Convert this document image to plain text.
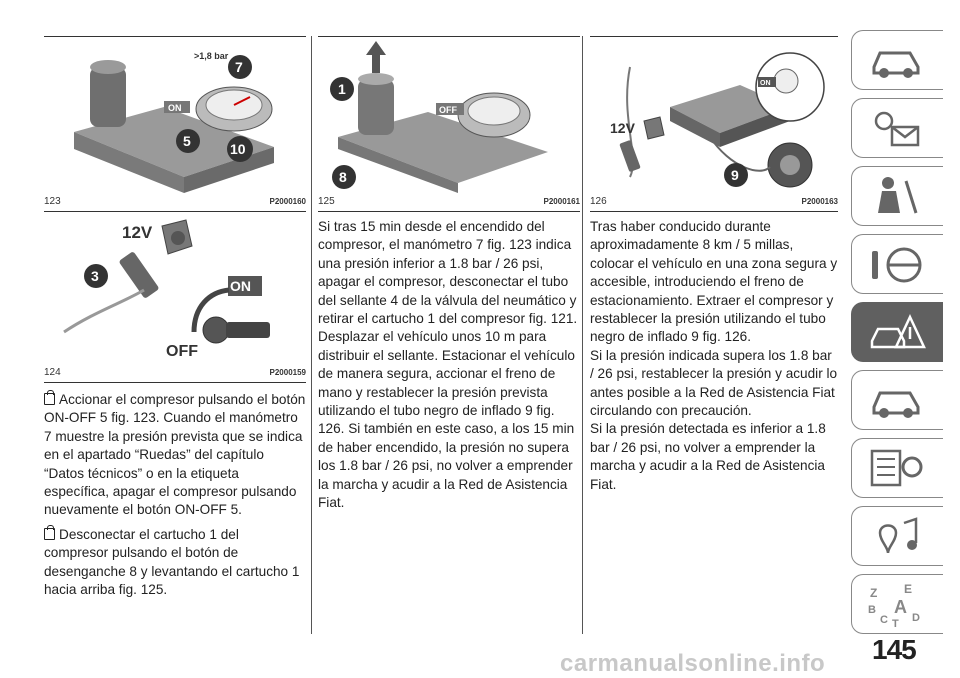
ON
>1,8 bar
7
5	10
123	P2000160
12V
3
ON
OFF
124	P2000159

Accionar el compresor pulsando el botón ON-OFF 5 fig. 123. Cuando el manómetro 7 muestre la presión prevista que se indica en el apartado “Ruedas” del capítulo “Datos técnicos” o en la etiqueta específica, apagar el compresor pulsando nuevamente el botón ON-OFF 5.

Desconectar el cartucho 1 del compresor pulsando el botón de desenganche 8 y levantando el cartucho 1 hacia arriba fig. 125.

OFF
1
8
125	P2000161

Si tras 15 min desde el encendido del compresor, el manómetro 7 fig. 123 indica una presión inferior a 1.8 bar / 26 psi, apagar el compresor, desconectar el tubo del sellante 4 de la válvula del neumático y retirar el cartucho 1 del compresor fig. 121. Desplazar el vehículo unos 10 m para distribuir el sellante. Estacionar el vehículo de manera segura, accionar el freno de mano y restablecer la presión prevista utilizando el tubo negro de inflado 9 fig. 126. Si también en este caso, a los 15 min de haber encendido, la presión no supera los 1.8 bar / 26 psi, no volver a emprender la marcha y acudir a la Red de Asistencia Fiat.

ON
12V
9
126	P2000163

Tras haber conducido durante aproximadamente 8 km / 5 millas, colocar el vehículo en una zona segura y accesible, introduciendo el freno de estacionamiento. Extraer el compresor y restablecer la presión utilizando el tubo negro de inflado 9 fig. 126.

Si la presión indicada supera los 1.8 bar / 26 psi, restablecer la presión y acudir lo antes posible a la Red de Asistencia Fiat circulando con precaución.

Si la presión detectada es inferior a 1.8 bar / 26 psi, no volver a emprender la marcha y acudir a la Red de Asistencia Fiat.

Z E
B A
C T D
145
carmanualsonline.info
